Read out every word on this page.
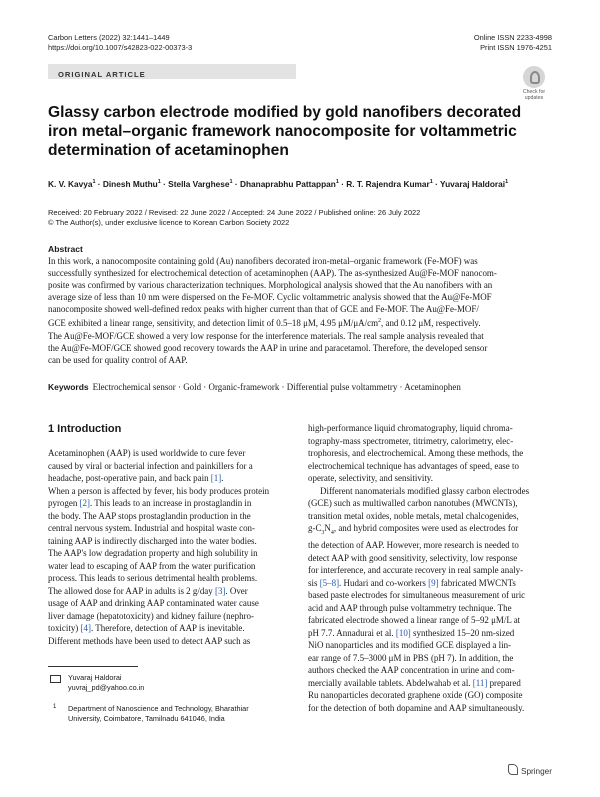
Carbon Letters (2022) 32:1441–1449
https://doi.org/10.1007/s42823-022-00373-3
Online ISSN 2233-4998
Print ISSN 1976-4251
ORIGINAL ARTICLE
Check for
updates
Glassy carbon electrode modified by gold nanofibers decorated
iron metal–organic framework nanocomposite for voltammetric
determination of acetaminophen
K. V. Kavya$^1$ · Dinesh Muthu$^1$ · Stella Varghese$^1$ · Dhanaprabhu Pattappan$^1$ · R. T. Rajendra Kumar$^1$ · Yuvaraj Haldorai$^1$
Received: 20 February 2022 / Revised: 22 June 2022 / Accepted: 24 June 2022 / Published online: 26 July 2022
© The Author(s), under exclusive licence to Korean Carbon Society 2022
Abstract
In this work, a nanocomposite containing gold (Au) nanofibers decorated iron-metal–organic framework (Fe-MOF) was
successfully synthesized for electrochemical detection of acetaminophen (AAP). The as-synthesized Au@Fe-MOF nanocom-
posite was confirmed by various characterization techniques. Morphological analysis showed that the Au nanofibers with an
average size of less than 10 nm were dispersed on the Fe-MOF. Cyclic voltammetric analysis showed that the Au@Fe-MOF
nanocomposite showed well-defined redox peaks with higher current than that of GCE and Fe-MOF. The Au@Fe-MOF/
GCE exhibited a linear range, sensitivity, and detection limit of 0.5–18 μM, 4.95 $\mu M/\mu A/cm^2$, and 0.12 μM, respectively.
The Au@Fe-MOF/GCE showed a very low response for the interference materials. The real sample analysis revealed that
the Au@Fe-MOF/GCE showed good recovery towards the AAP in urine and paracetamol. Therefore, the developed sensor
can be used for quality control of AAP.
Keywords Electrochemical sensor · Gold · Organic-framework · Differential pulse voltammetry · Acetaminophen
1 Introduction
Acetaminophen (AAP) is used worldwide to cure fever
caused by viral or bacterial infection and painkillers for a
headache, post-operative pain, and back pain [1].
When a person is affected by fever, his body produces protein
pyrogen [2]. This leads to an increase in prostaglandin in
the body. The AAP stops prostaglandin production in the
central nervous system. Industrial and hospital waste con-
taining AAP is indirectly discharged into the water bodies.
The AAP's low degradation property and high solubility in
water lead to escaping of AAP from the water purification
process. This leads to serious detrimental health problems.
The allowed dose for AAP in adults is 2 g/day [3]. Over
usage of AAP and drinking AAP contaminated water cause
liver damage (hepatotoxicity) and kidney failure (nephro-
toxicity) [4]. Therefore, detection of AAP is inevitable.
Different methods have been used to detect AAP such as
high-performance liquid chromatography, liquid chroma-
tography-mass spectrometer, titrimetry, calorimetry, elec-
trophoresis, and electrochemical. Among these methods, the
electrochemical technique has advantages of speed, ease to
operate, selectivity, and sensitivity.
Different nanomaterials modified glassy carbon electrodes
(GCE) such as multiwalled carbon nanotubes (MWCNTs),
transition metal oxides, noble metals, metal chalcogenides,
$g-C_3N_4$, and hybrid composites were used as electrodes for
the detection of AAP. However, more research is needed to
detect AAP with good sensitivity, selectivity, low response
for interference, and accurate recovery in real sample analy-
sis [5–8]. Hudari and co-workers [9] fabricated MWCNTs
based paste electrodes for simultaneous measurement of uric
acid and AAP through pulse voltammetry technique. The
fabricated electrode showed a linear range of 5–92 μM/L at
pH 7.7. Annadurai et al. [10] synthesized 15–20 nm-sized
NiO nanoparticles and its modified GCE displayed a lin-
ear range of 7.5–3000 μM in PBS (pH 7). In addition, the
authors checked the AAP concentration in urine and com-
mercially available tablets. Abdelwahab et al. [11] prepared
Ru nanoparticles decorated graphene oxide (GO) composite
for the detection of both dopamine and AAP simultaneously.
Yuvaraj Haldorai
yuvraj_pd@yahoo.co.in
1	Department of Nanoscience and Technology, Bharathiar
University, Coimbatore, Tamilnadu 641046, India
Springer
